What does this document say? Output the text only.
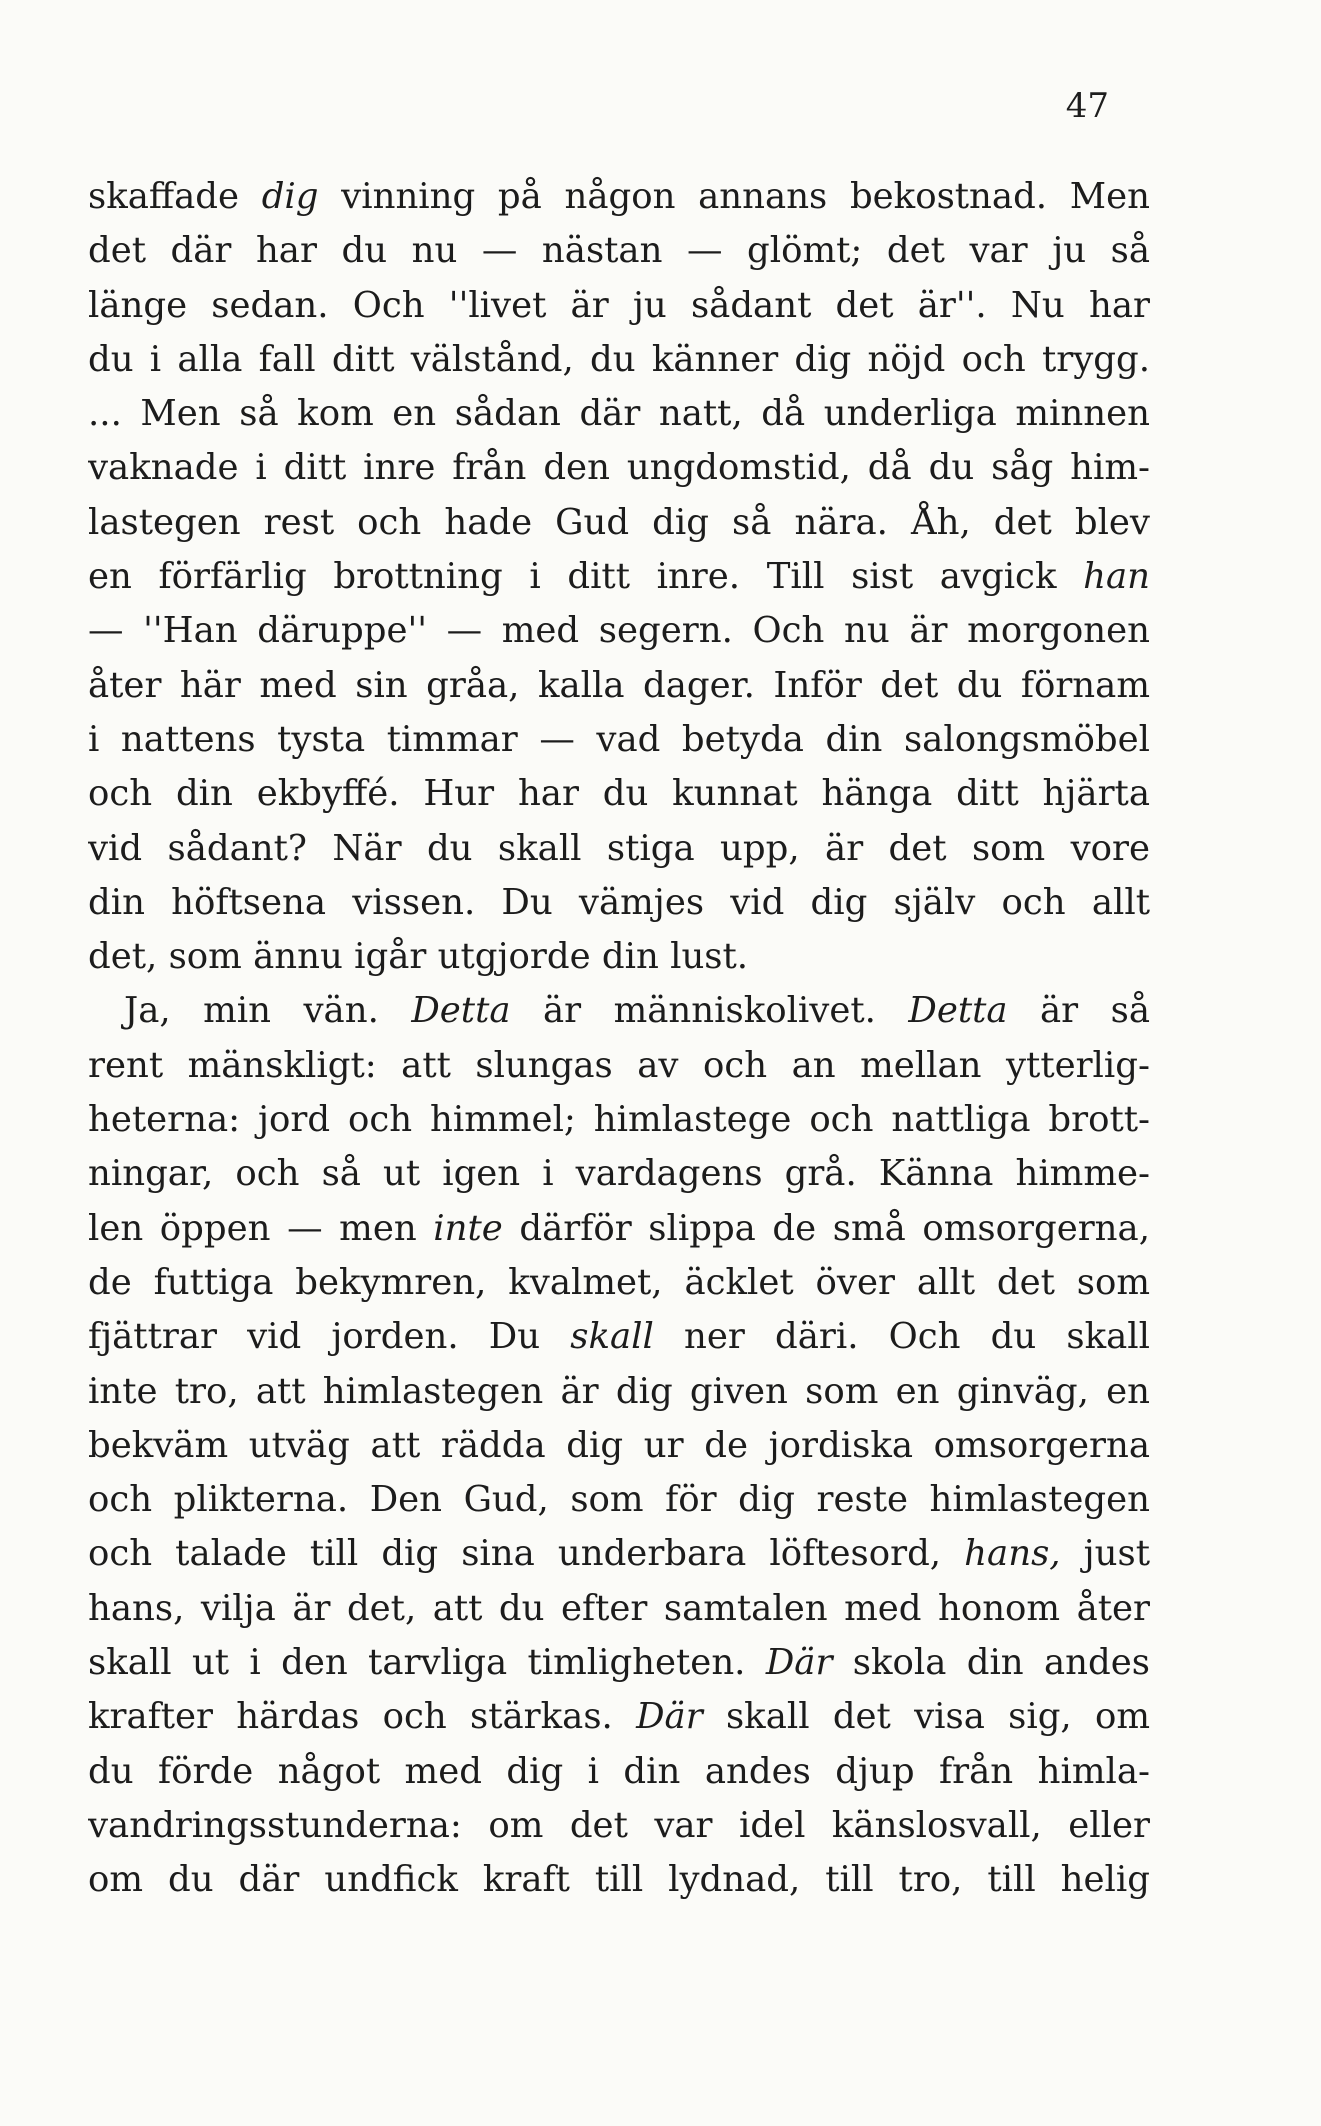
47
skaffade dig vinning på någon annans bekostnad. Men
det där har du nu — nästan — glömt; det var ju så
länge sedan. Och ''livet är ju sådant det är''. Nu har
du i alla fall ditt välstånd, du känner dig nöjd och trygg.
... Men så kom en sådan där natt, då underliga minnen
vaknade i ditt inre från den ungdomstid, då du såg him-
lastegen rest och hade Gud dig så nära. Åh, det blev
en förfärlig brottning i ditt inre. Till sist avgick han
— ''Han däruppe'' — med segern. Och nu är morgonen
åter här med sin gråa, kalla dager. Inför det du förnam
i nattens tysta timmar — vad betyda din salongsmöbel
och din ekbyffé. Hur har du kunnat hänga ditt hjärta
vid sådant? När du skall stiga upp, är det som vore
din höftsena vissen. Du vämjes vid dig själv och allt
det, som ännu igår utgjorde din lust.
Ja, min vän. Detta är människolivet. Detta är så
rent mänskligt: att slungas av och an mellan ytterlig-
heterna: jord och himmel; himlastege och nattliga brott-
ningar, och så ut igen i vardagens grå. Känna himme-
len öppen — men inte därför slippa de små omsorgerna,
de futtiga bekymren, kvalmet, äcklet över allt det som
fjättrar vid jorden. Du skall ner däri. Och du skall
inte tro, att himlastegen är dig given som en ginväg, en
bekväm utväg att rädda dig ur de jordiska omsorgerna
och plikterna. Den Gud, som för dig reste himlastegen
och talade till dig sina underbara löftesord, hans, just
hans, vilja är det, att du efter samtalen med honom åter
skall ut i den tarvliga timligheten. Där skola din andes
krafter härdas och stärkas. Där skall det visa sig, om
du förde något med dig i din andes djup från himla-
vandringsstunderna: om det var idel känslosvall, eller
om du där undfick kraft till lydnad, till tro, till helig
